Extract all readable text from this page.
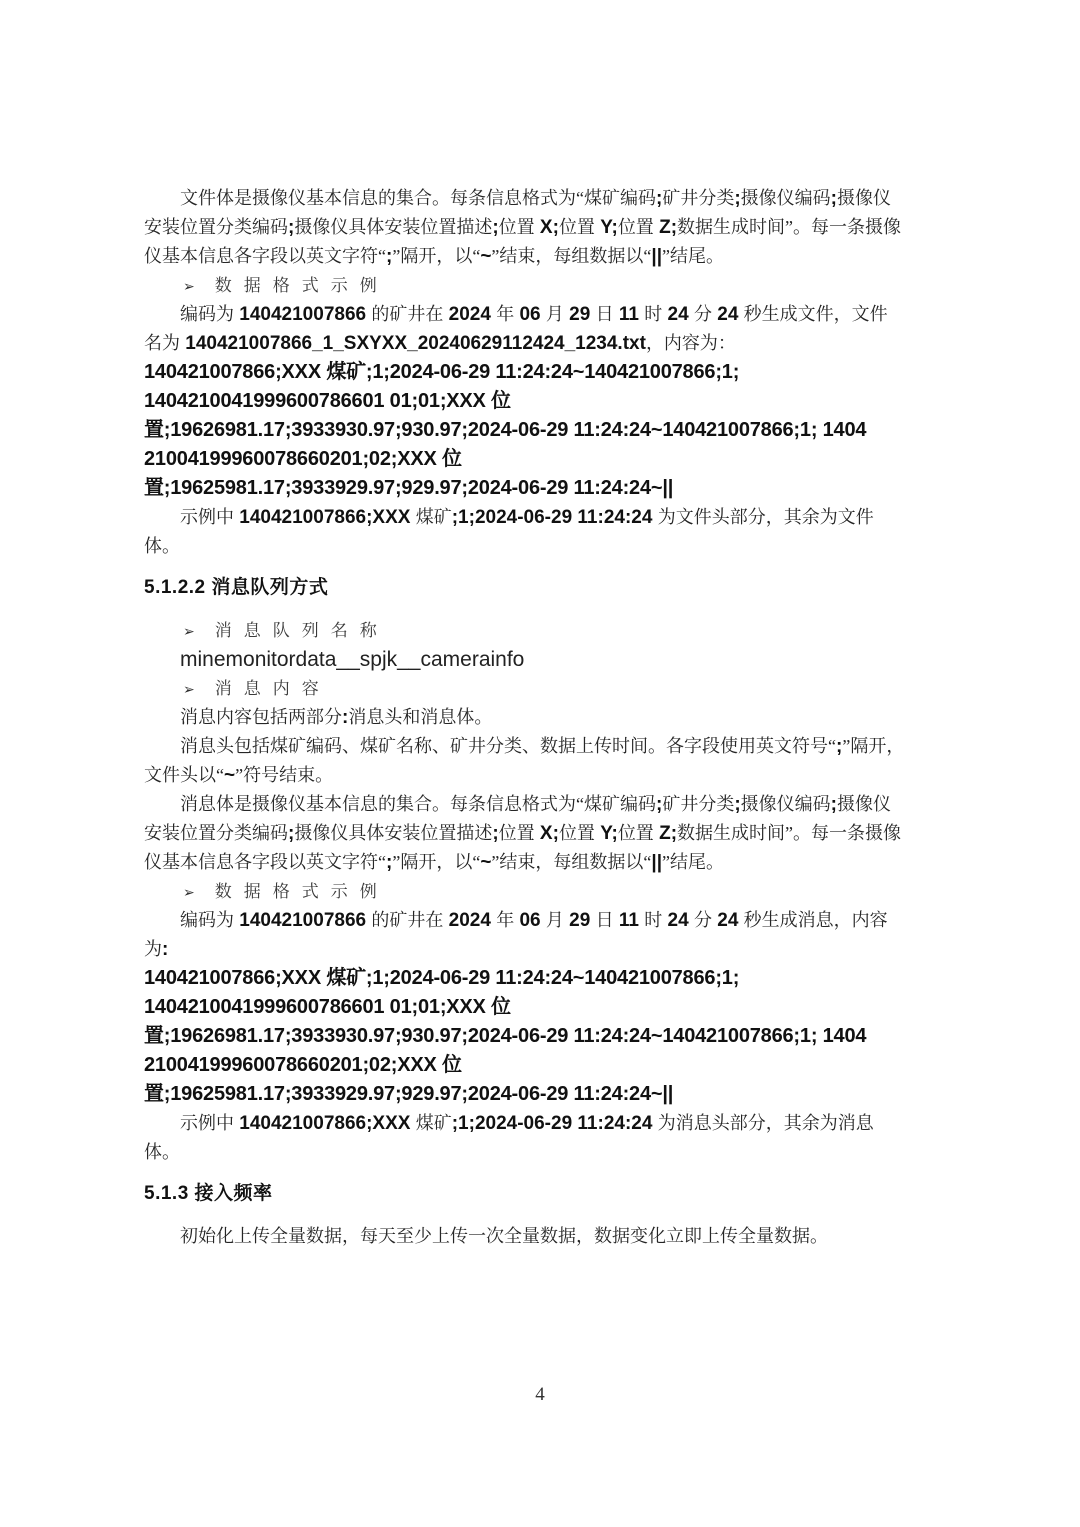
文件体是摄像仪基本信息的集合。每条信息格式为“煤矿编码;矿井分类;摄像仪编码;摄像仪
安装位置分类编码;摄像仪具体安装位置描述;位置 X;位置 Y;位置 Z;数据生成时间”。每一条摄像
仪基本信息各字段以英文字符“;”隔开，以“~”结束，每组数据以“||”结尾。
➢ 数据格式示例
编码为 140421007866 的矿井在 2024 年 06 月 29 日 11 时 24 分 24 秒生成文件，文件
名为 140421007866_1_SXYXX_20240629112424_1234.txt，内容为：
140421007866;XXX 煤矿;1;2024-06-29 11:24:24~140421007866;1;
1404210041999600786601 01;01;XXX 位
置;19626981.17;3933930.97;930.97;2024-06-29 11:24:24~140421007866;1; 1404
21004199960078660201;02;XXX 位
置;19625981.17;3933929.97;929.97;2024-06-29 11:24:24~||
示例中 140421007866;XXX 煤矿;1;2024-06-29 11:24:24 为文件头部分，其余为文件
体。
5.1.2.2 消息队列方式
➢ 消息队列名称
minemonitordata__spjk__camerainfo
➢ 消息内容
消息内容包括两部分:消息头和消息体。
消息头包括煤矿编码、煤矿名称、矿井分类、数据上传时间。各字段使用英文符号“;”隔开，
文件头以“~”符号结束。
消息体是摄像仪基本信息的集合。每条信息格式为“煤矿编码;矿井分类;摄像仪编码;摄像仪
安装位置分类编码;摄像仪具体安装位置描述;位置 X;位置 Y;位置 Z;数据生成时间”。每一条摄像
仪基本信息各字段以英文字符“;”隔开，以“~”结束，每组数据以“||”结尾。
➢ 数据格式示例
编码为 140421007866 的矿井在 2024 年 06 月 29 日 11 时 24 分 24 秒生成消息，内容
为:
140421007866;XXX 煤矿;1;2024-06-29 11:24:24~140421007866;1;
1404210041999600786601 01;01;XXX 位
置;19626981.17;3933930.97;930.97;2024-06-29 11:24:24~140421007866;1; 1404
21004199960078660201;02;XXX 位
置;19625981.17;3933929.97;929.97;2024-06-29 11:24:24~||
示例中 140421007866;XXX 煤矿;1;2024-06-29 11:24:24 为消息头部分，其余为消息
体。
5.1.3 接入频率
初始化上传全量数据，每天至少上传一次全量数据，数据变化立即上传全量数据。
4
